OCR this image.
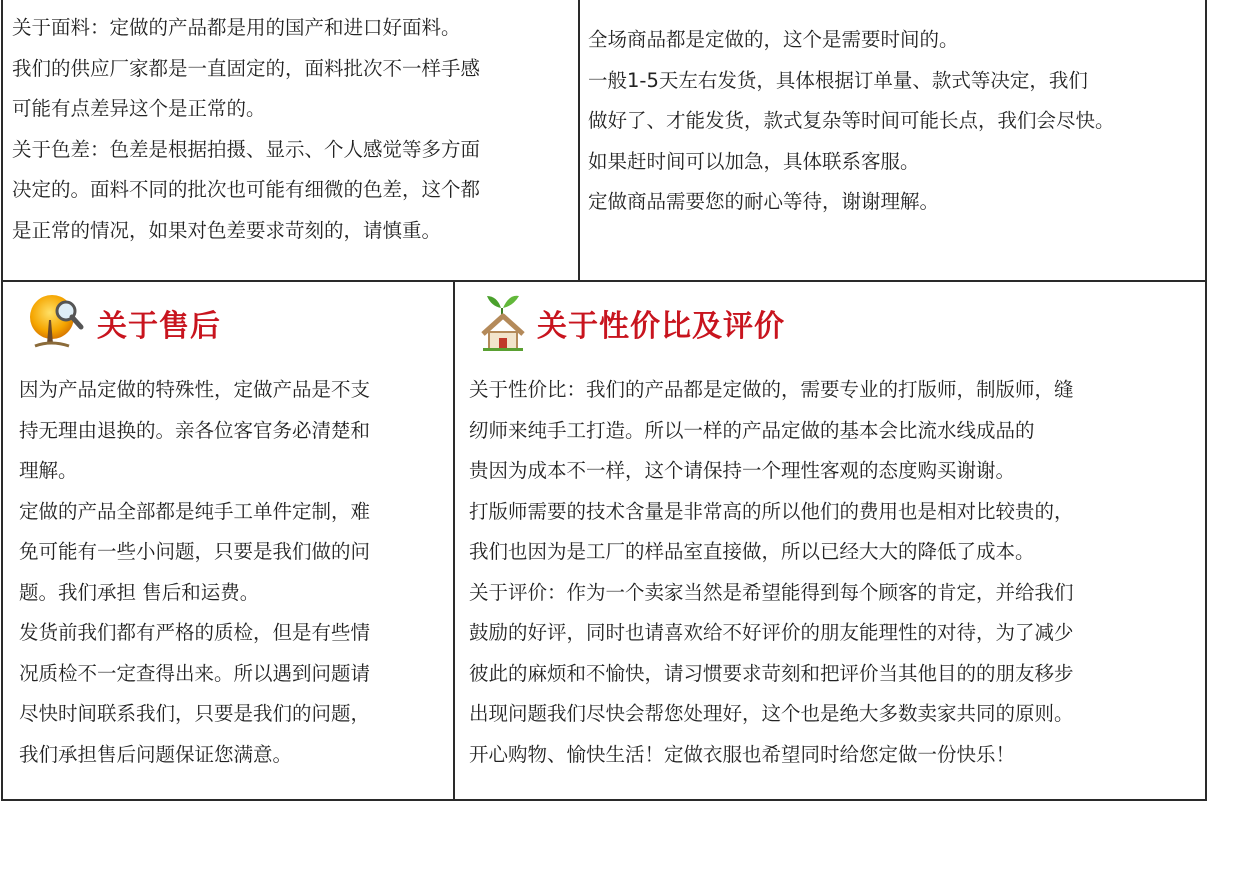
关于面料：定做的产品都是用的国产和进口好面料。

我们的供应厂家都是一直固定的，面料批次不一样手感

可能有点差异这个是正常的。

关于色差：色差是根据拍摄、显示、个人感觉等多方面

决定的。面料不同的批次也可能有细微的色差，这个都

是正常的情况，如果对色差要求苛刻的，请慎重。

全场商品都是定做的，这个是需要时间的。

一般1-5天左右发货，具体根据订单量、款式等决定，我们

做好了、才能发货，款式复杂等时间可能长点，我们会尽快。

如果赶时间可以加急，具体联系客服。

定做商品需要您的耐心等待，谢谢理解。

关于售后

因为产品定做的特殊性，定做产品是不支

持无理由退换的。亲各位客官务必清楚和

理解。

定做的产品全部都是纯手工单件定制，难

免可能有一些小问题，只要是我们做的问

题。我们承担 售后和运费。

发货前我们都有严格的质检，但是有些情

况质检不一定查得出来。所以遇到问题请

尽快时间联系我们，只要是我们的问题，

我们承担售后问题保证您满意。

关于性价比及评价

关于性价比：我们的产品都是定做的，需要专业的打版师，制版师，缝

纫师来纯手工打造。所以一样的产品定做的基本会比流水线成品的

贵因为成本不一样，这个请保持一个理性客观的态度购买谢谢。

打版师需要的技术含量是非常高的所以他们的费用也是相对比较贵的，

我们也因为是工厂的样品室直接做，所以已经大大的降低了成本。

关于评价：作为一个卖家当然是希望能得到每个顾客的肯定，并给我们

鼓励的好评，同时也请喜欢给不好评价的朋友能理性的对待，为了减少

彼此的麻烦和不愉快，请习惯要求苛刻和把评价当其他目的的朋友移步

出现问题我们尽快会帮您处理好，这个也是绝大多数卖家共同的原则。

开心购物、愉快生活！定做衣服也希望同时给您定做一份快乐！
